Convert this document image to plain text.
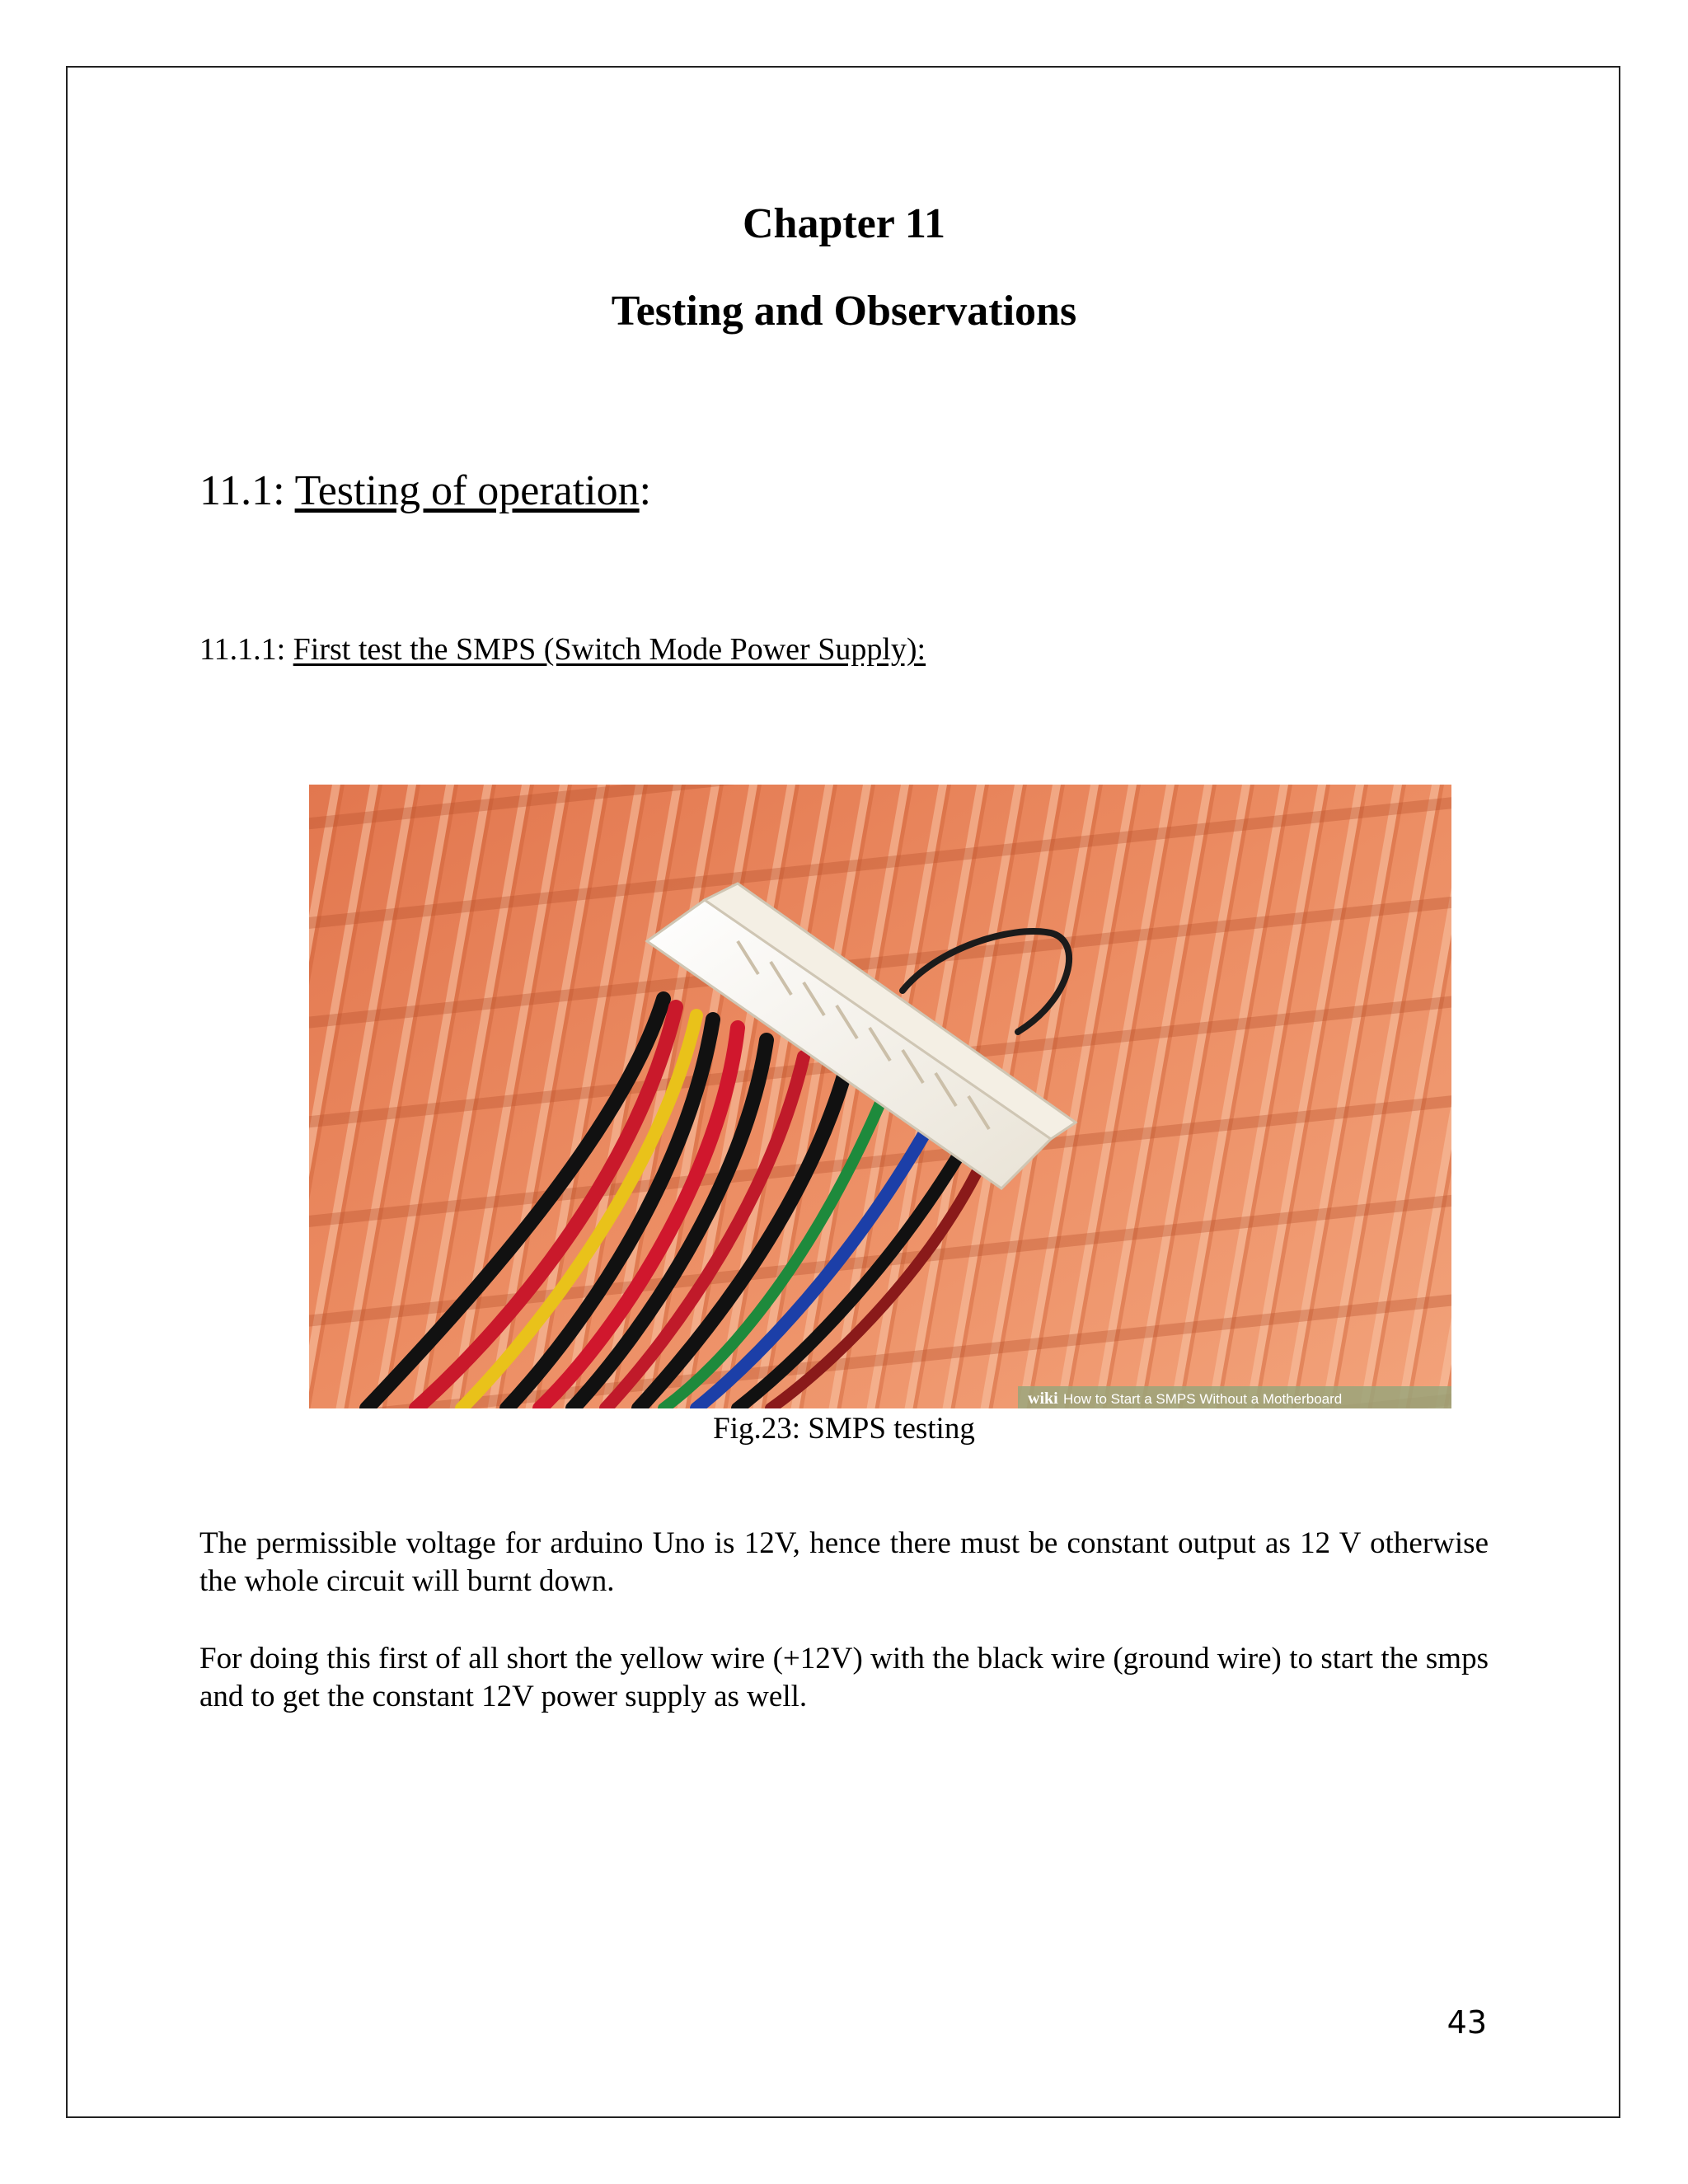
Chapter 11
Testing and Observations
11.1: Testing of operation:

11.1.1: First test the SMPS (Switch Mode Power Supply):

wiki How to Start a SMPS Without a Motherboard

Fig.23: SMPS testing

The permissible voltage for arduino Uno is 12V, hence there must be constant output as 12 V otherwise the whole circuit will burnt down.

For doing this first of all short the yellow wire (+12V) with the black wire (ground wire) to start the smps and to get the constant 12V power supply as well.

43
